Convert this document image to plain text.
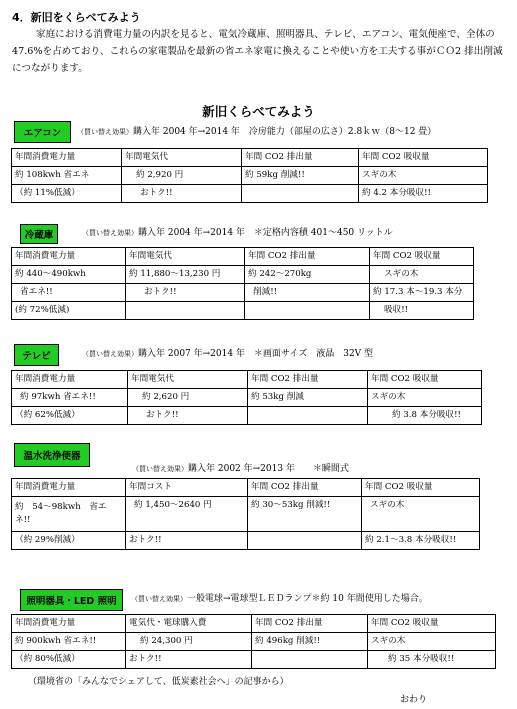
4．新旧をくらべてみよう

家庭における消費電力量の内訳を見ると、電気冷蔵庫、照明器具、テレビ、エアコン、電気便座で、全体の　47.6%を占めており、これらの家電製品を最新の省エネ家電に換えることや使い方を工夫する事がＣＯ2 排出削減につながります。

新旧くらべてみよう
エアコン	（買い替え効果）購入年 2004 年→2014 年　冷房能力（部屋の広さ）2.8ｋｗ（8～12 畳）
年間消費電力量	年間電気代	年間 CO2 排出量	年間 CO2 吸収量
約 108kwh 省エネ	約 2,920 円	約 59kg 削減!!	スギの木
（約 11%低減）	おトク!!		約 4.2 本分吸収!!
冷蔵庫	（買い替え効果）購入年 2004 年→2014 年　＊定格内容積 401～450 リットル
年間消費電力量	年間電気代	年間 CO2 排出量	年間 CO2 吸収量
約 440～490kwh	約 11,880～13,230 円	約 242～270kg	スギの木
省エネ!!	おトク!!	削減!!	約 17.3 本～19.3 本分
(約 72%低減)			吸収!!
テレビ	（買い替え効果）購入年 2007 年→2014 年　＊画面サイズ　液晶　32V 型
年間消費電力量	年間電気代	年間 CO2 排出量	年間 CO2 吸収量
約 97kwh 省エネ!!	約 2,620 円	約 53kg 削減	スギの木
（約 62%低減）	おトク!!		約 3.8 本分吸収!!
温水洗浄便器
（買い替え効果）購入年 2002 年→2013 年　　＊瞬間式
年間消費電力量	年間コスト	年間 CO2 排出量	年間 CO2 吸収量
約　54～98kwh　省エネ!!	約 1,450～2640 円	約 30～53kg 削減!!	スギの木
（約 29%削減）	おトク!!		約 2.1～3.8 本分吸収!!
照明器具・LED 照明	（買い替え効果）一般電球→電球型ＬＥＤランプ＊約 10 年間使用した場合。
年間消費電力量	電気代・電球購入費	年間 CO2 排出量	年間 CO2 吸収量
約 900kwh 省エネ!!	約 24,300 円	約 496kg 削減!!	スギの木
（約 80%低減）	おトク!!		約 35 本分吸収!!
（環境省の「みんなでシェアして、低炭素社会へ」の記事から）
おわり
